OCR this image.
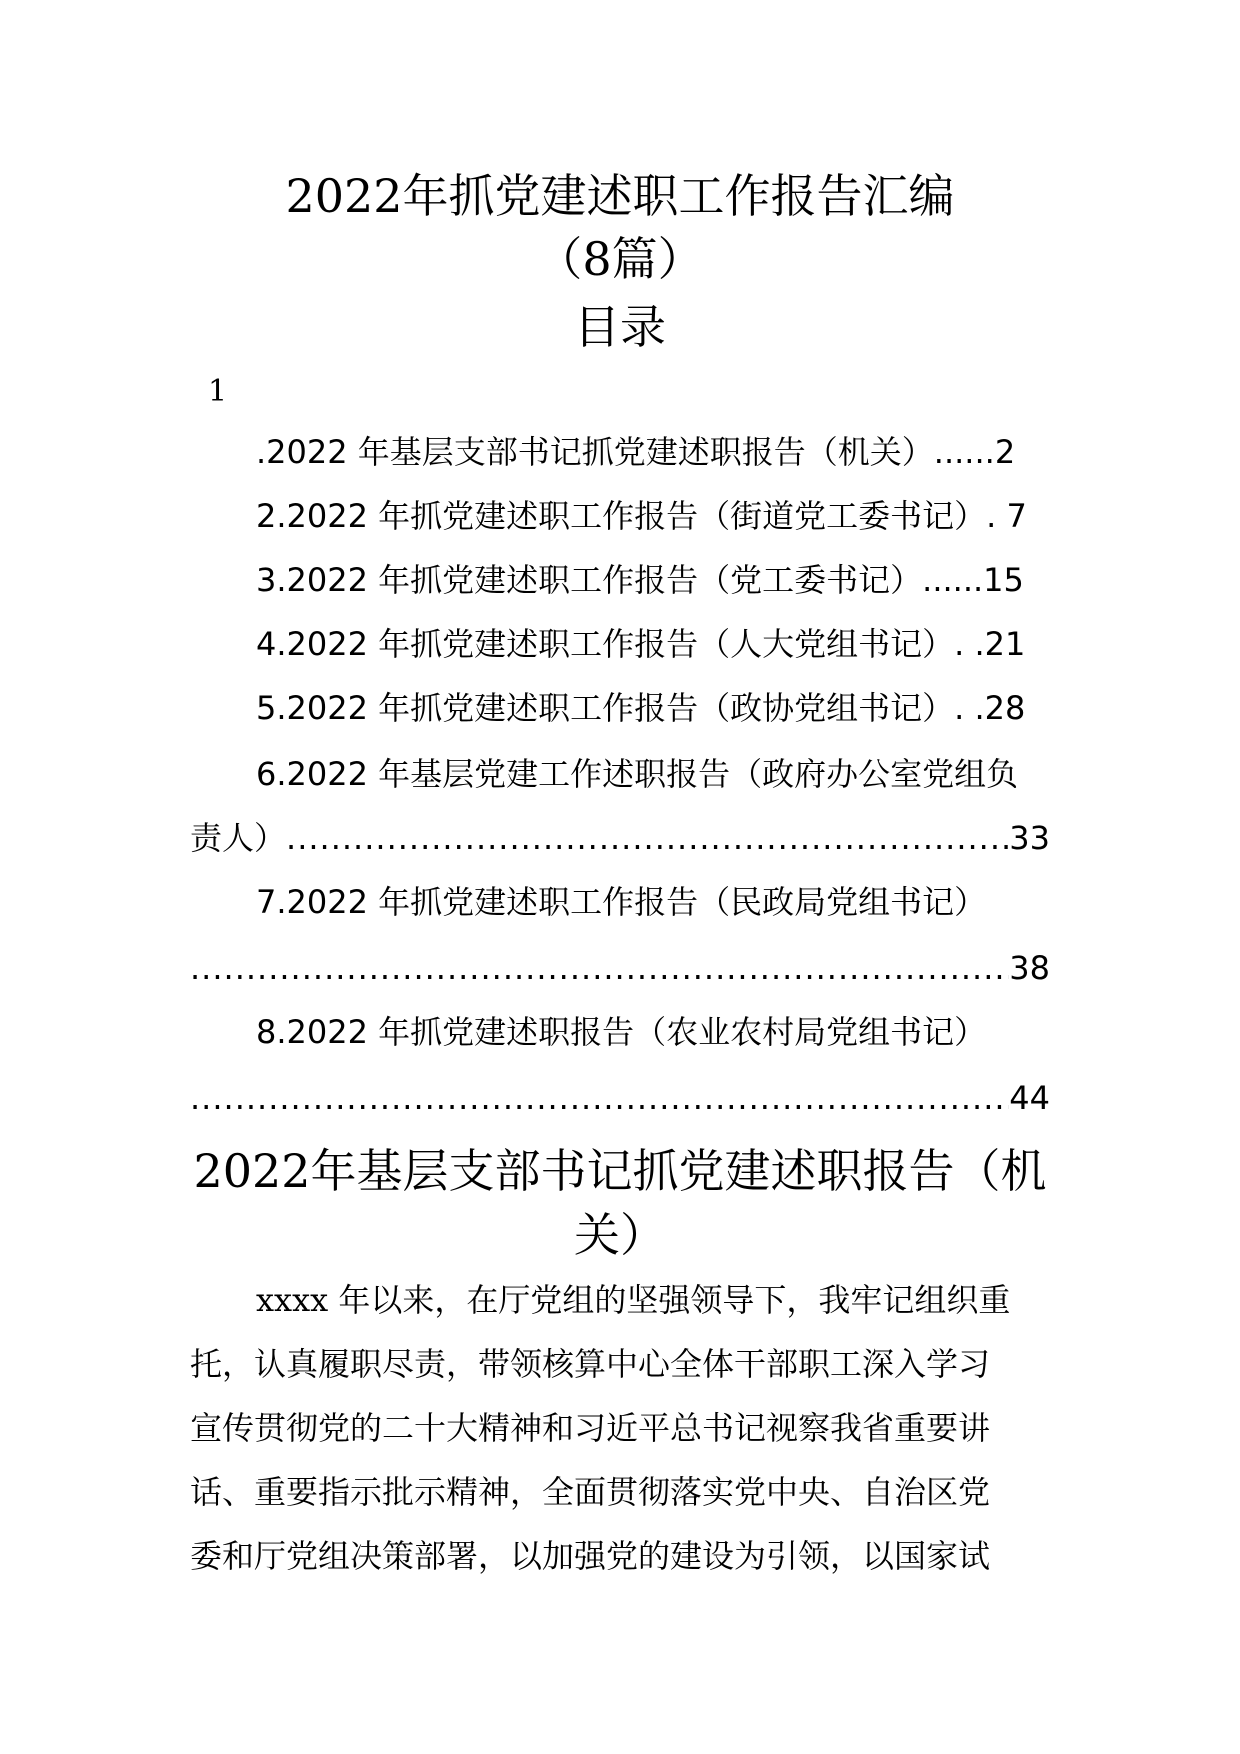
2022年抓党建述职工作报告汇编
（8篇）
目录
1
.2022 年基层支部书记抓党建述职报告（机关）......2
2.2022 年抓党建述职工作报告（街道党工委书记）. 7
3.2022 年抓党建述职工作报告（党工委书记）......15
4.2022 年抓党建述职工作报告（人大党组书记）. .21
5.2022 年抓党建述职工作报告（政协党组书记）. .28
6.2022 年基层党建工作述职报告（政府办公室党组负
责人） .....	33
7.2022 年抓党建述职工作报告（民政局党组书记）
.....
38
8.2022 年抓党建述职报告（农业农村局党组书记）
.....
44
2022年基层支部书记抓党建述职报告（机
关）
xxxx 年以来，在厅党组的坚强领导下，我牢记组织重
托，认真履职尽责，带领核算中心全体干部职工深入学习
宣传贯彻党的二十大精神和习近平总书记视察我省重要讲
话、重要指示批示精神，全面贯彻落实党中央、自治区党
委和厅党组决策部署，以加强党的建设为引领，以国家试
